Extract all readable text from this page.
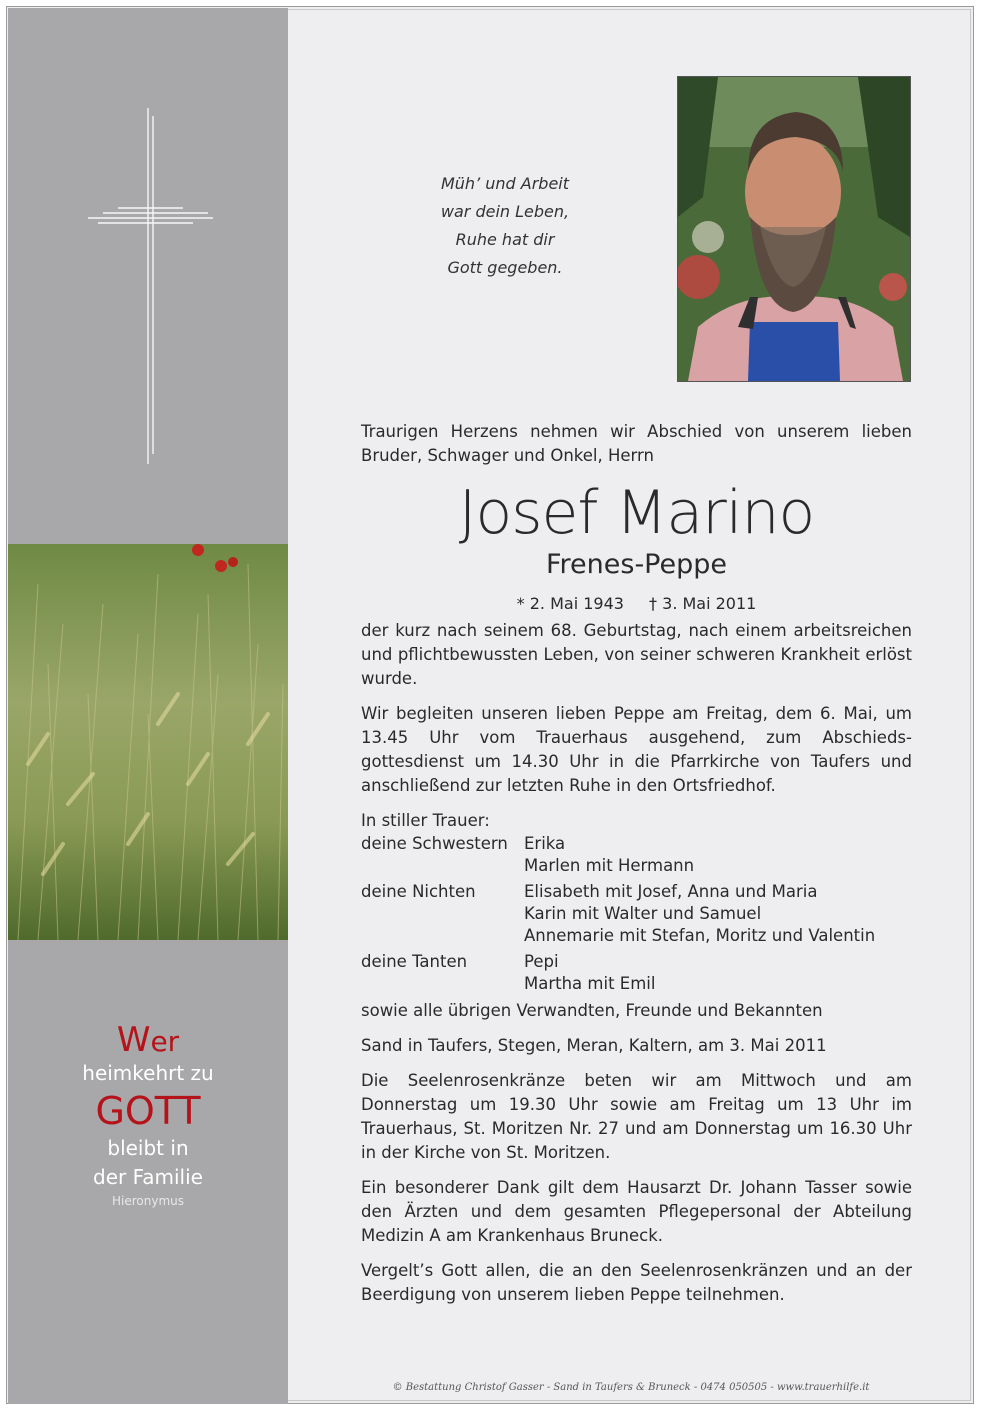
Wer
heimkehrt zu
GOTT
bleibt in
der Familie
Hieronymus
Müh’ und Arbeit
war dein Leben,
Ruhe hat dir
Gott gegeben.

Traurigen Herzens nehmen wir Abschied von unserem lieben Bruder, Schwager und Onkel, Herrn

Josef Marino
Frenes-Peppe
* 2. Mai 1943 † 3. Mai 2011

der kurz nach seinem 68. Geburtstag, nach einem arbeitsreichen und pflichtbewussten Leben, von seiner schweren Krankheit erlöst wurde.

Wir begleiten unseren lieben Peppe am Freitag, dem 6. Mai, um 13.45 Uhr vom Trauerhaus ausgehend, zum Abschieds-gottesdienst um 14.30 Uhr in die Pfarrkirche von Taufers und anschließend zur letzten Ruhe in den Ortsfriedhof.

In stiller Trauer:
deine Schwestern Erika
Marlen mit Hermann
deine Nichten	Elisabeth mit Josef, Anna und Maria
Karin mit Walter und Samuel
Annemarie mit Stefan, Moritz und Valentin
deine Tanten	Pepi
Martha mit Emil
sowie alle übrigen Verwandten, Freunde und Bekannten

Sand in Taufers, Stegen, Meran, Kaltern, am 3. Mai 2011

Die Seelenrosenkränze beten wir am Mittwoch und am Donnerstag um 19.30 Uhr sowie am Freitag um 13 Uhr im Trauerhaus, St. Moritzen Nr. 27 und am Donnerstag um 16.30 Uhr in der Kirche von St. Moritzen.

Ein besonderer Dank gilt dem Hausarzt Dr. Johann Tasser sowie den Ärzten und dem gesamten Pflegepersonal der Abteilung Medizin A am Krankenhaus Bruneck.

Vergelt’s Gott allen, die an den Seelenrosenkränzen und an der Beerdigung von unserem lieben Peppe teilnehmen.

© Bestattung Christof Gasser - Sand in Taufers & Bruneck - 0474 050505 - www.trauerhilfe.it
